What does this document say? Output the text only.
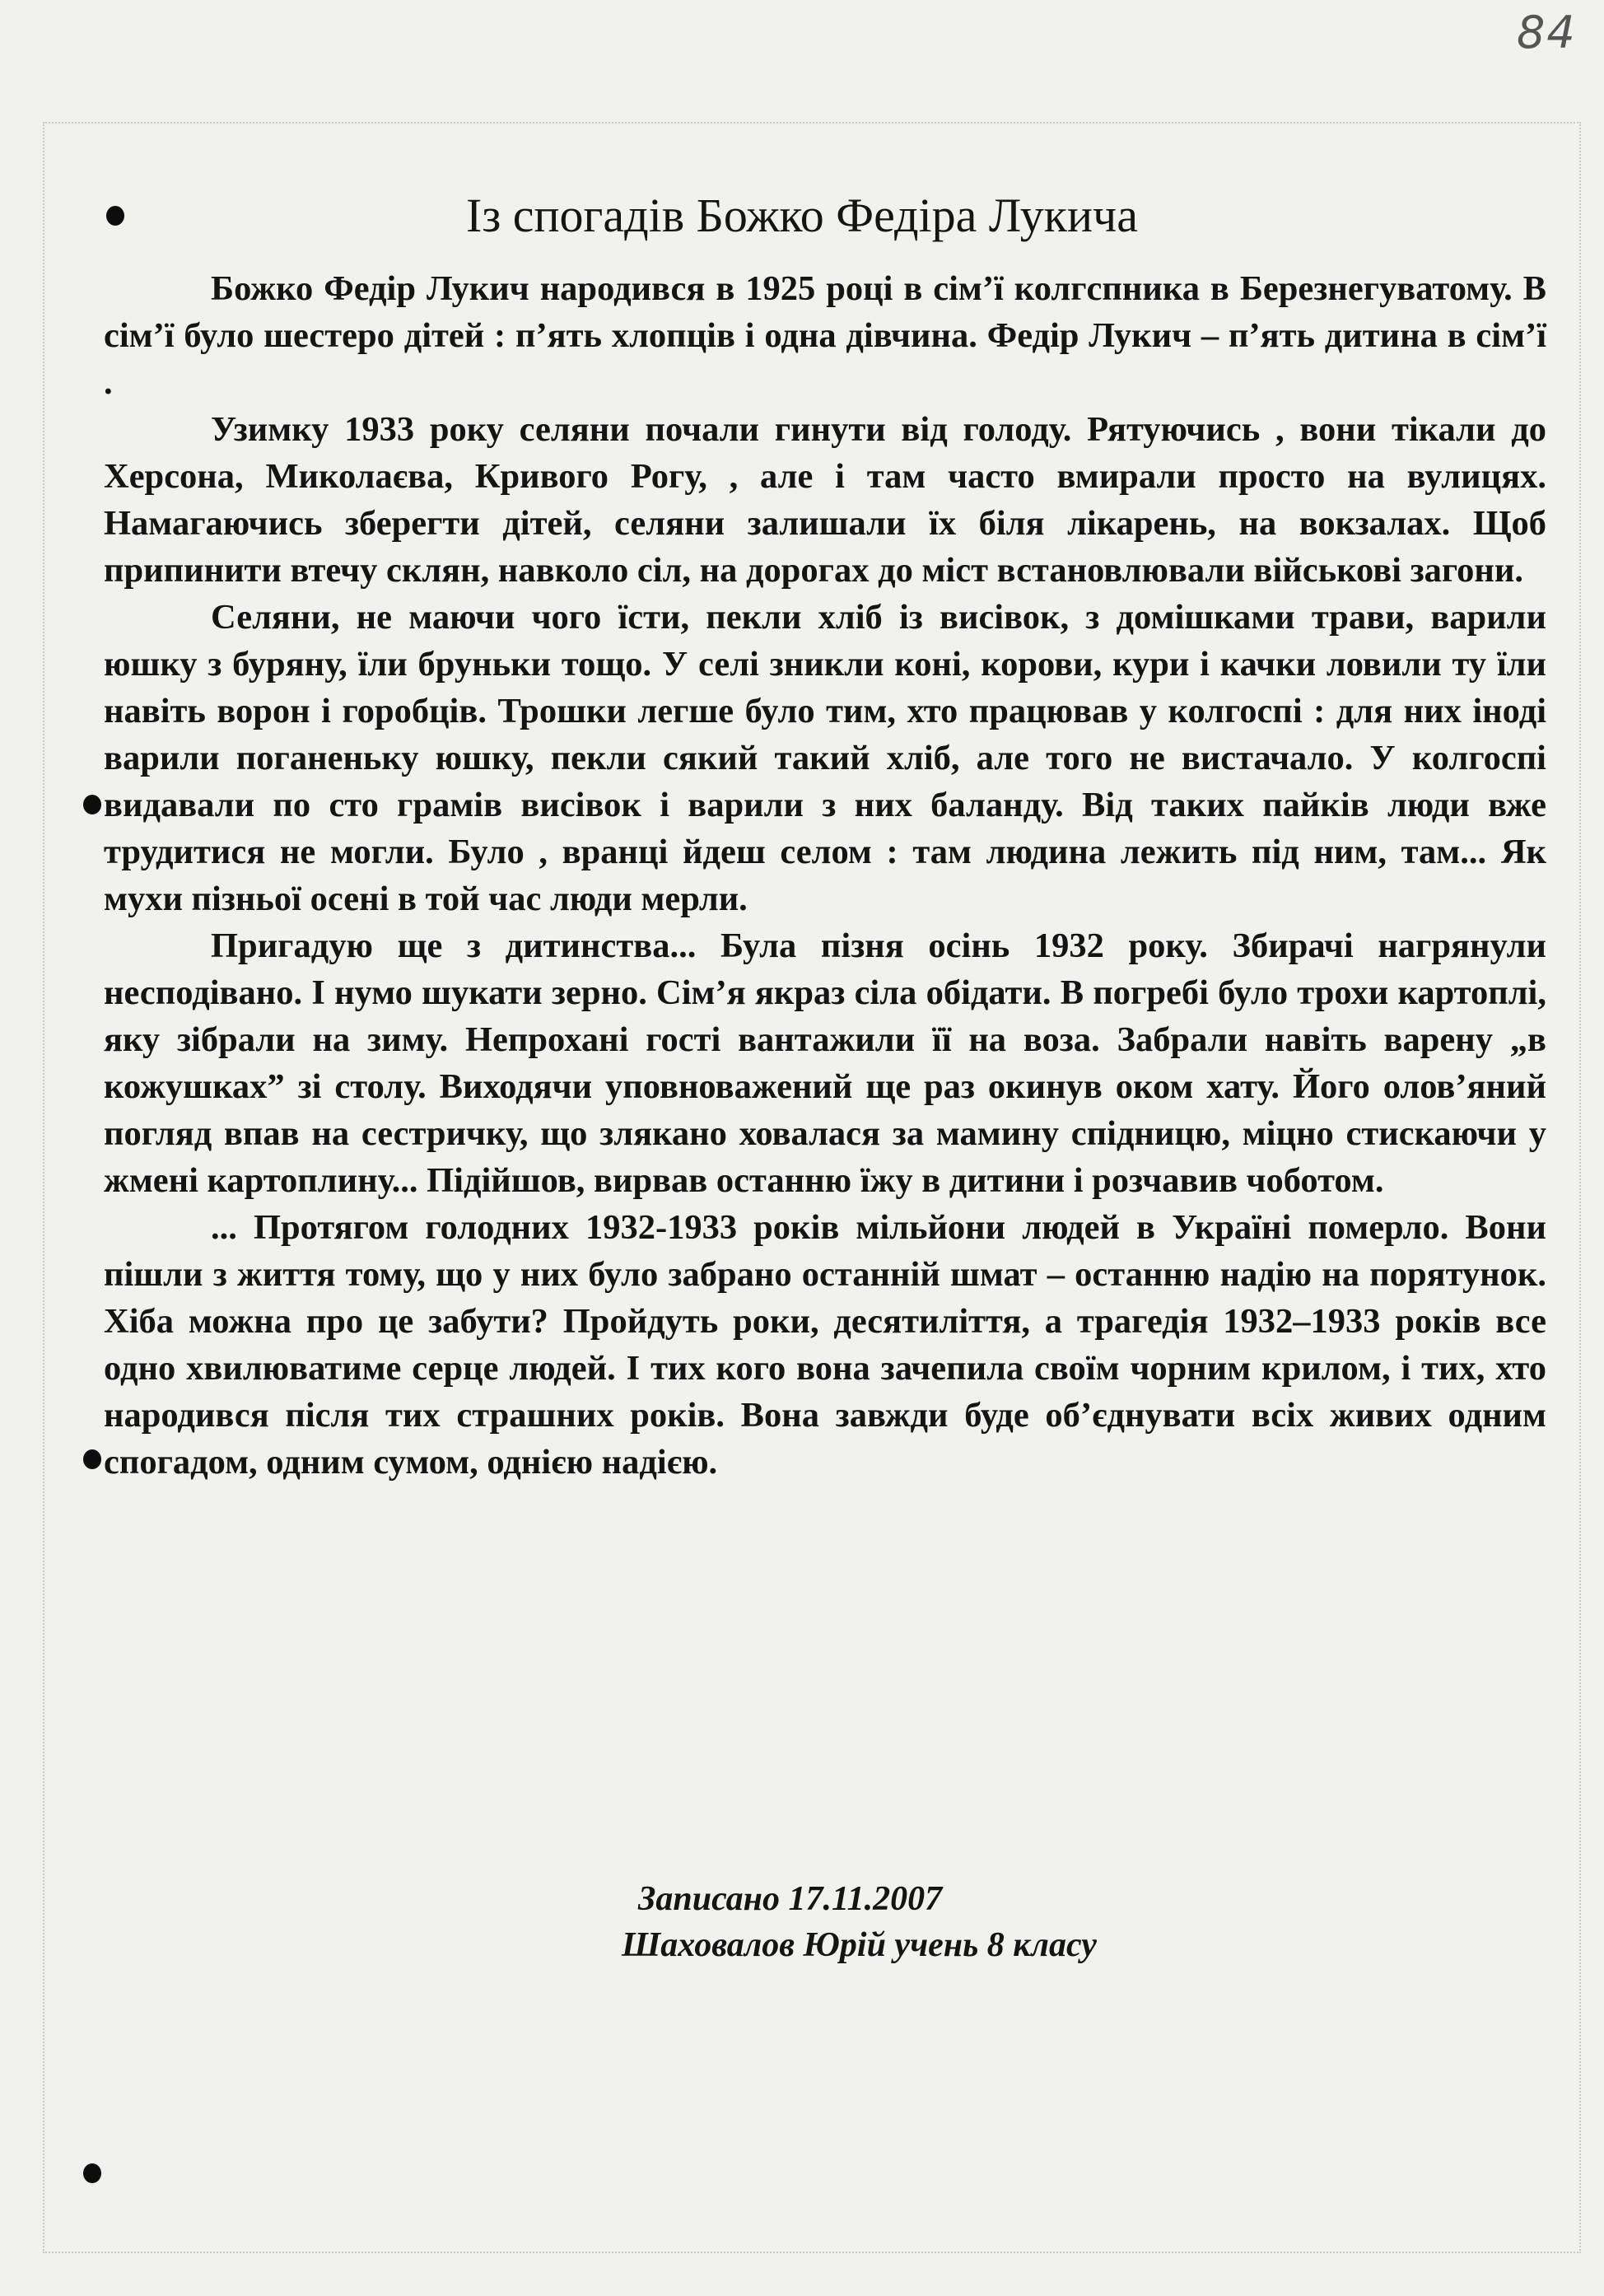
84
Із спогадів Божко Федіра Лукича

Божко Федір Лукич народився в 1925 році в сім’ї колгспника в Березнегуватому. В сім’ї було шестеро дітей : п’ять хлопців і одна дівчина. Федір Лукич – п’ять дитина в сім’ї .

Узимку 1933 року селяни почали гинути від голоду. Рятуючись , вони тікали до Херсона, Миколаєва, Кривого Рогу, , але і там часто вмирали просто на вулицях. Намагаючись зберегти дітей, селяни залишали їх біля лікарень, на вокзалах. Щоб припинити втечу склян, навколо сіл, на дорогах до міст встановлювали військові загони.

Селяни, не маючи чого їсти, пекли хліб із висівок, з домішками трави, варили юшку з буряну, їли бруньки тощо. У селі зникли коні, корови, кури і качки ловили ту їли навіть ворон і горобців. Трошки легше було тим, хто працював у колгоспі : для них іноді варили поганеньку юшку, пекли сякий такий хліб, але того не вистачало. У колгоспі видавали по сто грамів висівок і варили з них баланду. Від таких пайків люди вже трудитися не могли. Було , вранці йдеш селом : там людина лежить під ним, там... Як мухи пізньої осені в той час люди мерли.

Пригадую ще з дитинства... Була пізня осінь 1932 року. Збирачі нагрянули несподівано. І нумо шукати зерно. Сім’я якраз сіла обідати. В погребі було трохи картоплі, яку зібрали на зиму. Непрохані гості вантажили її на воза. Забрали навіть варену „в кожушках” зі столу. Виходячи уповноважений ще раз окинув оком хату. Його олов’яний погляд впав на сестричку, що злякано ховалася за мамину спідницю, міцно стискаючи у жмені картоплину... Підійшов, вирвав останню їжу в дитини і розчавив чоботом.

... Протягом голодних 1932-1933 років мільйони людей в Україні померло. Вони пішли з життя тому, що у них було забрано останній шмат – останню надію на порятунок. Хіба можна про це забути? Пройдуть роки, десятиліття, а трагедія 1932–1933 років все одно хвилюватиме серце людей. І тих кого вона зачепила своїм чорним крилом, і тих, хто народився після тих страшних років. Вона завжди буде об’єднувати всіх живих одним спогадом, одним сумом, однією надією.

Записано 17.11.2007
Шаховалов Юрій учень 8 класу
